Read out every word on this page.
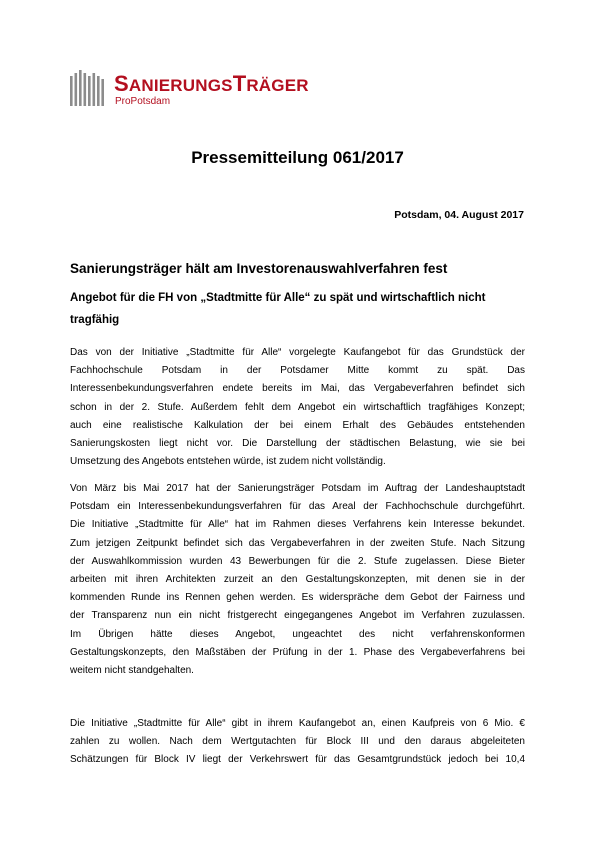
SANIERUNGSTRÄGER
ProPotsdam
Pressemitteilung 061/2017
Potsdam, 04. August 2017
Sanierungsträger hält am Investorenauswahlverfahren fest
Angebot für die FH von „Stadtmitte für Alle“ zu spät und wirtschaftlich nicht tragfähig

Das von der Initiative „Stadtmitte für Alle“ vorgelegte Kaufangebot für das Grundstück der
Fachhochschule Potsdam in der Potsdamer Mitte kommt zu spät. Das
Interessenbekundungsverfahren endete bereits im Mai, das Vergabeverfahren befindet sich
schon in der 2. Stufe. Außerdem fehlt dem Angebot ein wirtschaftlich tragfähiges Konzept;
auch eine realistische Kalkulation der bei einem Erhalt des Gebäudes entstehenden
Sanierungskosten liegt nicht vor. Die Darstellung der städtischen Belastung, wie sie bei
Umsetzung des Angebots entstehen würde, ist zudem nicht vollständig.

Von März bis Mai 2017 hat der Sanierungsträger Potsdam im Auftrag der Landeshauptstadt
Potsdam ein Interessenbekundungsverfahren für das Areal der Fachhochschule durchgeführt.
Die Initiative „Stadtmitte für Alle“ hat im Rahmen dieses Verfahrens kein Interesse bekundet.
Zum jetzigen Zeitpunkt befindet sich das Vergabeverfahren in der zweiten Stufe. Nach Sitzung
der Auswahlkommission wurden 43 Bewerbungen für die 2. Stufe zugelassen. Diese Bieter
arbeiten mit ihren Architekten zurzeit an den Gestaltungskonzepten, mit denen sie in der
kommenden Runde ins Rennen gehen werden. Es widerspräche dem Gebot der Fairness und
der Transparenz nun ein nicht fristgerecht eingegangenes Angebot im Verfahren zuzulassen.
Im Übrigen hätte dieses Angebot, ungeachtet des nicht verfahrenskonformen
Gestaltungskonzepts, den Maßstäben der Prüfung in der 1. Phase des Vergabeverfahrens bei
weitem nicht standgehalten.

Die Initiative „Stadtmitte für Alle“ gibt in ihrem Kaufangebot an, einen Kaufpreis von 6 Mio. €
zahlen zu wollen. Nach dem Wertgutachten für Block III und den daraus abgeleiteten
Schätzungen für Block IV liegt der Verkehrswert für das Gesamtgrundstück jedoch bei 10,4
